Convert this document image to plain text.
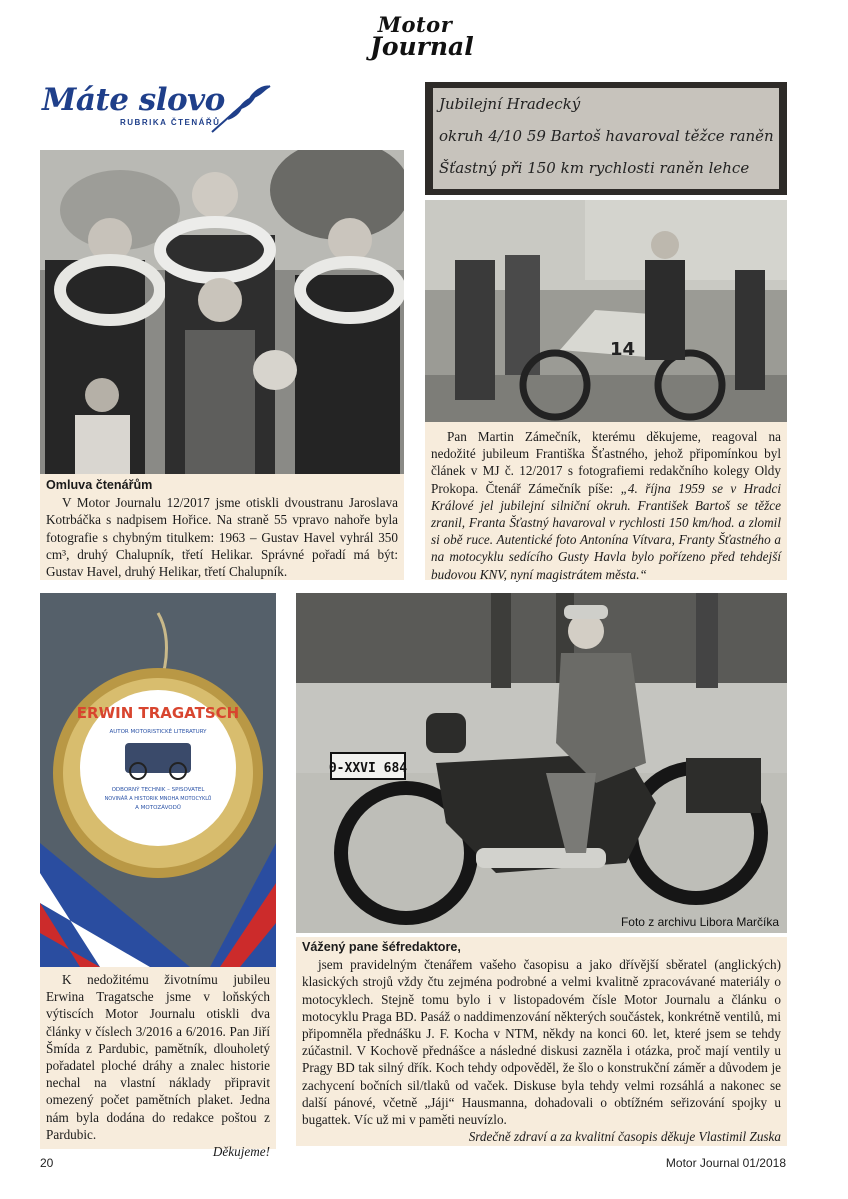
Motor
Journal
Máte slovo
RUBRIKA ČTENÁŘŮ

Omluva čtenářům

V Motor Journalu 12/2017 jsme otiskli dvoustranu Jaroslava Kotrbáčka s nadpisem Hořice. Na straně 55 vpravo nahoře byla fotografie s chybným titulkem: 1963 – Gustav Havel vyhrál 350 cm³, druhý Chalupník, třetí Helikar. Správné pořadí má být: Gustav Havel, druhý Helikar, třetí Chalupník.

Jubilejní Hradecký
okruh 4/10 59 Bartoš havaroval těžce raněn
Šťastný při 150 km rychlosti raněn lehce
14

Pan Martin Zámečník, kterému děkujeme, reagoval na nedožité jubileum Františka Šťastného, jehož připomínkou byl článek v MJ č. 12/2017 s fotografiemi redakčního kolegy Oldy Prokopa. Čtenář Zámečník píše: „4. října 1959 se v Hradci Králové jel jubilejní silniční okruh. František Bartoš se těžce zranil, Franta Šťastný havaroval v rychlosti 150 km/hod. a zlomil si obě ruce. Autentické foto Antonína Vítvara, Franty Šťastného a na motocyklu sedícího Gusty Havla bylo pořízeno před tehdejší budovou KNV, nyní magistrátem města.“

ERWIN TRAGATSCH
AUTOR MOTORISTICKÉ LITERATURY
ODBORNÝ TECHNIK – SPISOVATEL
NOVINÁŘ A HISTORIK MNOHA MOTOCYKLŮ
A MOTOZÁVODŮ

K nedožitému životnímu jubileu Erwina Tragatsche jsme v loňských výtiscích Motor Journalu otiskli dva články v číslech 3/2016 a 6/2016. Pan Jiří Šmída z Pardubic, pamětník, dlouholetý pořadatel ploché dráhy a znalec historie nechal na vlastní náklady připravit omezený počet pamětních plaket. Jedna nám byla dodána do redakce poštou z Pardubic.

Děkujeme!

0-XXVI 684
Foto z archivu Libora Marčíka

Vážený pane šéfredaktore,

jsem pravidelným čtenářem vašeho časopisu a jako dřívější sběratel (anglických) klasických strojů vždy čtu zejména podrobné a velmi kvalitně zpracovávané materiály o motocyklech. Stejně tomu bylo i v listopadovém čísle Motor Journalu a článku o motocyklu Praga BD. Pasáž o naddimenzování některých součástek, konkrétně ventilů, mi připomněla přednášku J. F. Kocha v NTM, někdy na konci 60. let, které jsem se tehdy zúčastnil. V Kochově přednášce a následné diskusi zazněla i otázka, proč mají ventily u Pragy BD tak silný dřík. Koch tehdy odpověděl, že šlo o konstrukční záměr a důvodem je zachycení bočních sil/tlaků od vaček. Diskuse byla tehdy velmi rozsáhlá a nakonec se další pánové, včetně „Jáji“ Hausmanna, dohadovali o obtížném seřizování spojky u bugattek. Víc už mi v paměti neuvízlo.

Srdečně zdraví a za kvalitní časopis děkuje Vlastimil Zuska

20	Motor Journal 01/2018
